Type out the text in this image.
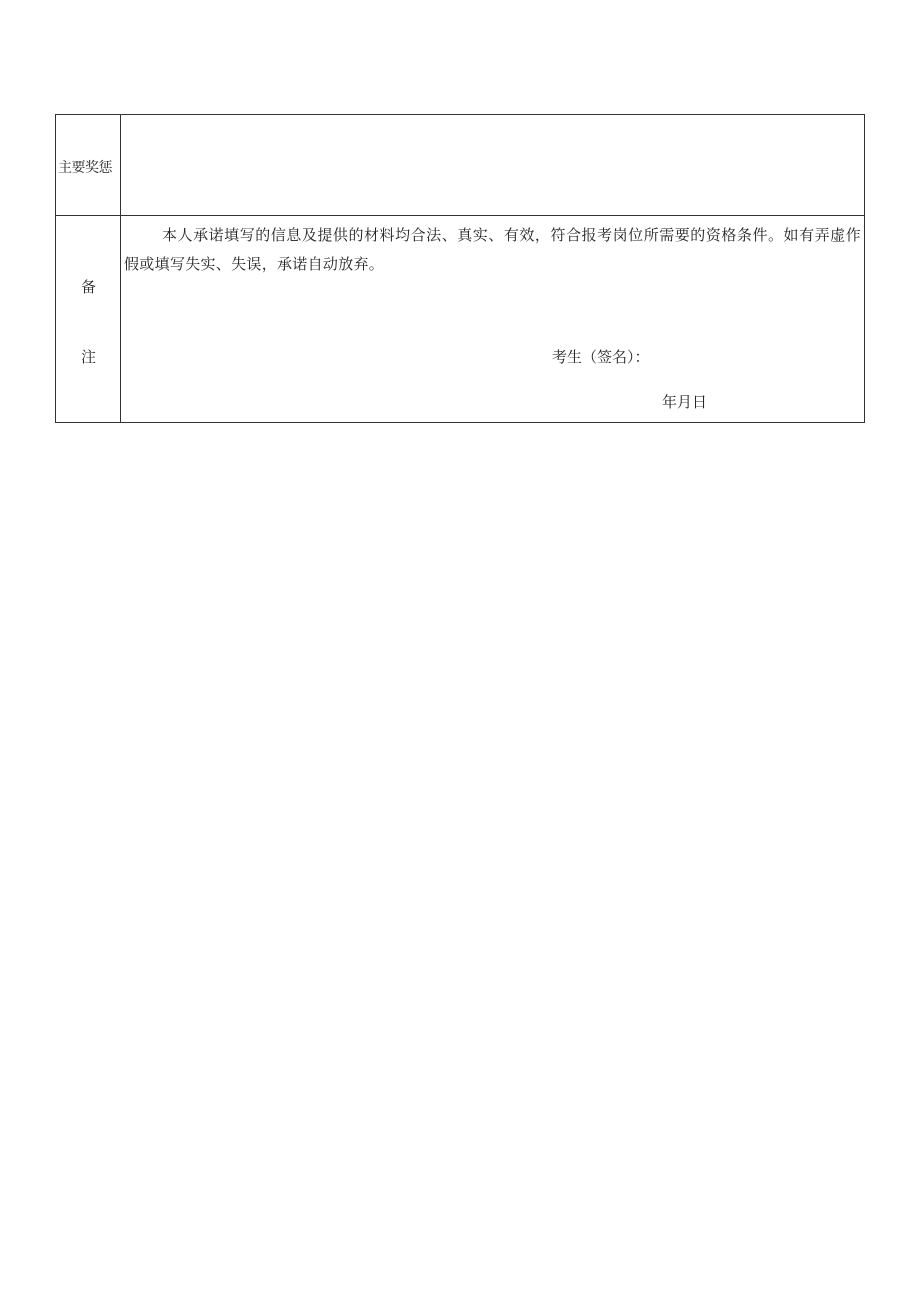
主要奖惩
备
注
本人承诺填写的信息及提供的材料均合法、真实、有效，符合报考岗位所需要的资格条件。如有弄虚作假或填写失实、失误，承诺自动放弃。
考生（签名）：
年月日
